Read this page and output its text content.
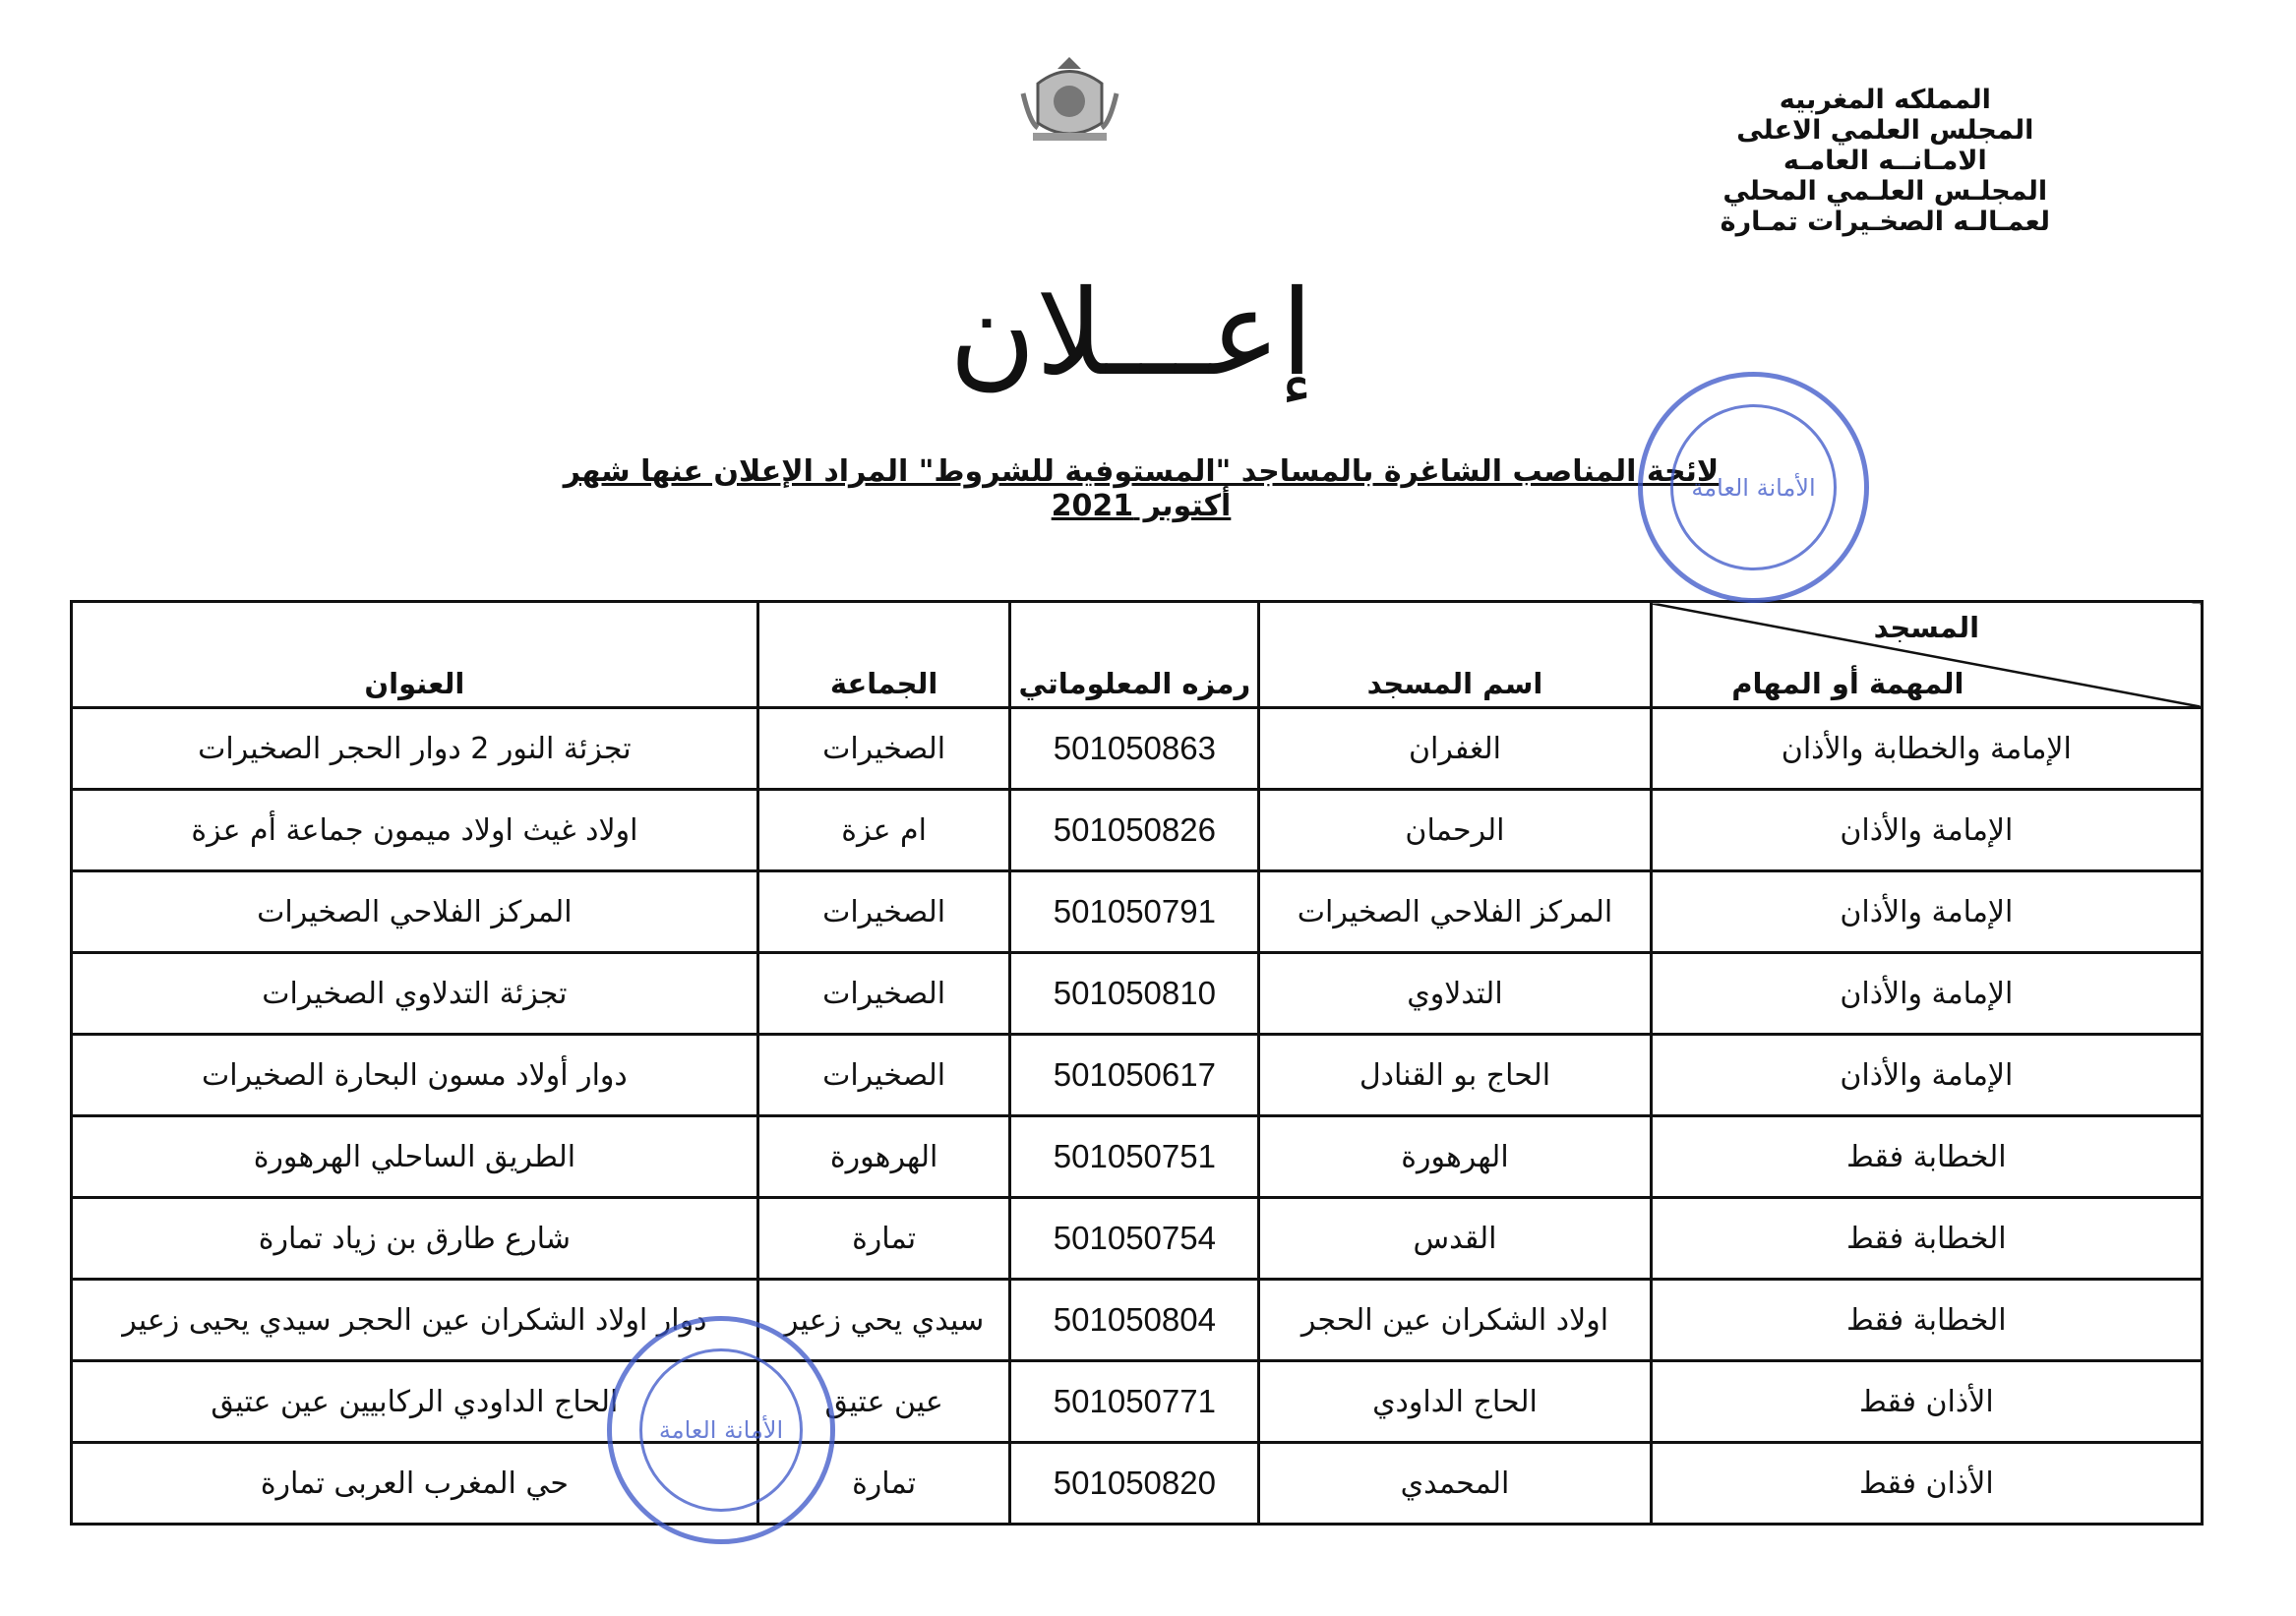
المملكه المغربيه
المجلس العلمي الاعلى
الامـانــه العامـه
المجلـس العلـمي المحلي
لعمـالـه الصخـيرات تمـارة
إعـــلان
لائحة المناصب الشاغرة بالمساجد "المستوفية للشروط" المراد الإعلان عنها شهر أكتوبر 2021
المسجد
المهمة أو المهام	اسم المسجد	رمزه المعلوماتي	الجماعة	العنوان
الإمامة والخطابة والأذان	الغفران	501050863	الصخيرات	تجزئة النور 2 دوار الحجر الصخيرات
الإمامة والأذان	الرحمان	501050826	ام عزة	اولاد غيث اولاد ميمون جماعة أم عزة
الإمامة والأذان	المركز الفلاحي الصخيرات	501050791	الصخيرات	المركز الفلاحي الصخيرات
الإمامة والأذان	التدلاوي	501050810	الصخيرات	تجزئة التدلاوي الصخيرات
الإمامة والأذان	الحاج بو القنادل	501050617	الصخيرات	دوار أولاد مسون البحارة الصخيرات
الخطابة فقط	الهرهورة	501050751	الهرهورة	الطريق الساحلي الهرهورة
الخطابة فقط	القدس	501050754	تمارة	شارع طارق بن زياد تمارة
الخطابة فقط	اولاد الشكران عين الحجر	501050804	سيدي يحي زعير	دوار اولاد الشكران عين الحجر سيدي يحيى زعير
الأذان فقط	الحاج الداودي	501050771	عين عتيق	الحاج الداودي الركابيين عين عتيق
الأذان فقط	المحمدي	501050820	تمارة	حي المغرب العربى تمارة
الأمانة العامة
الأمانة العامة
